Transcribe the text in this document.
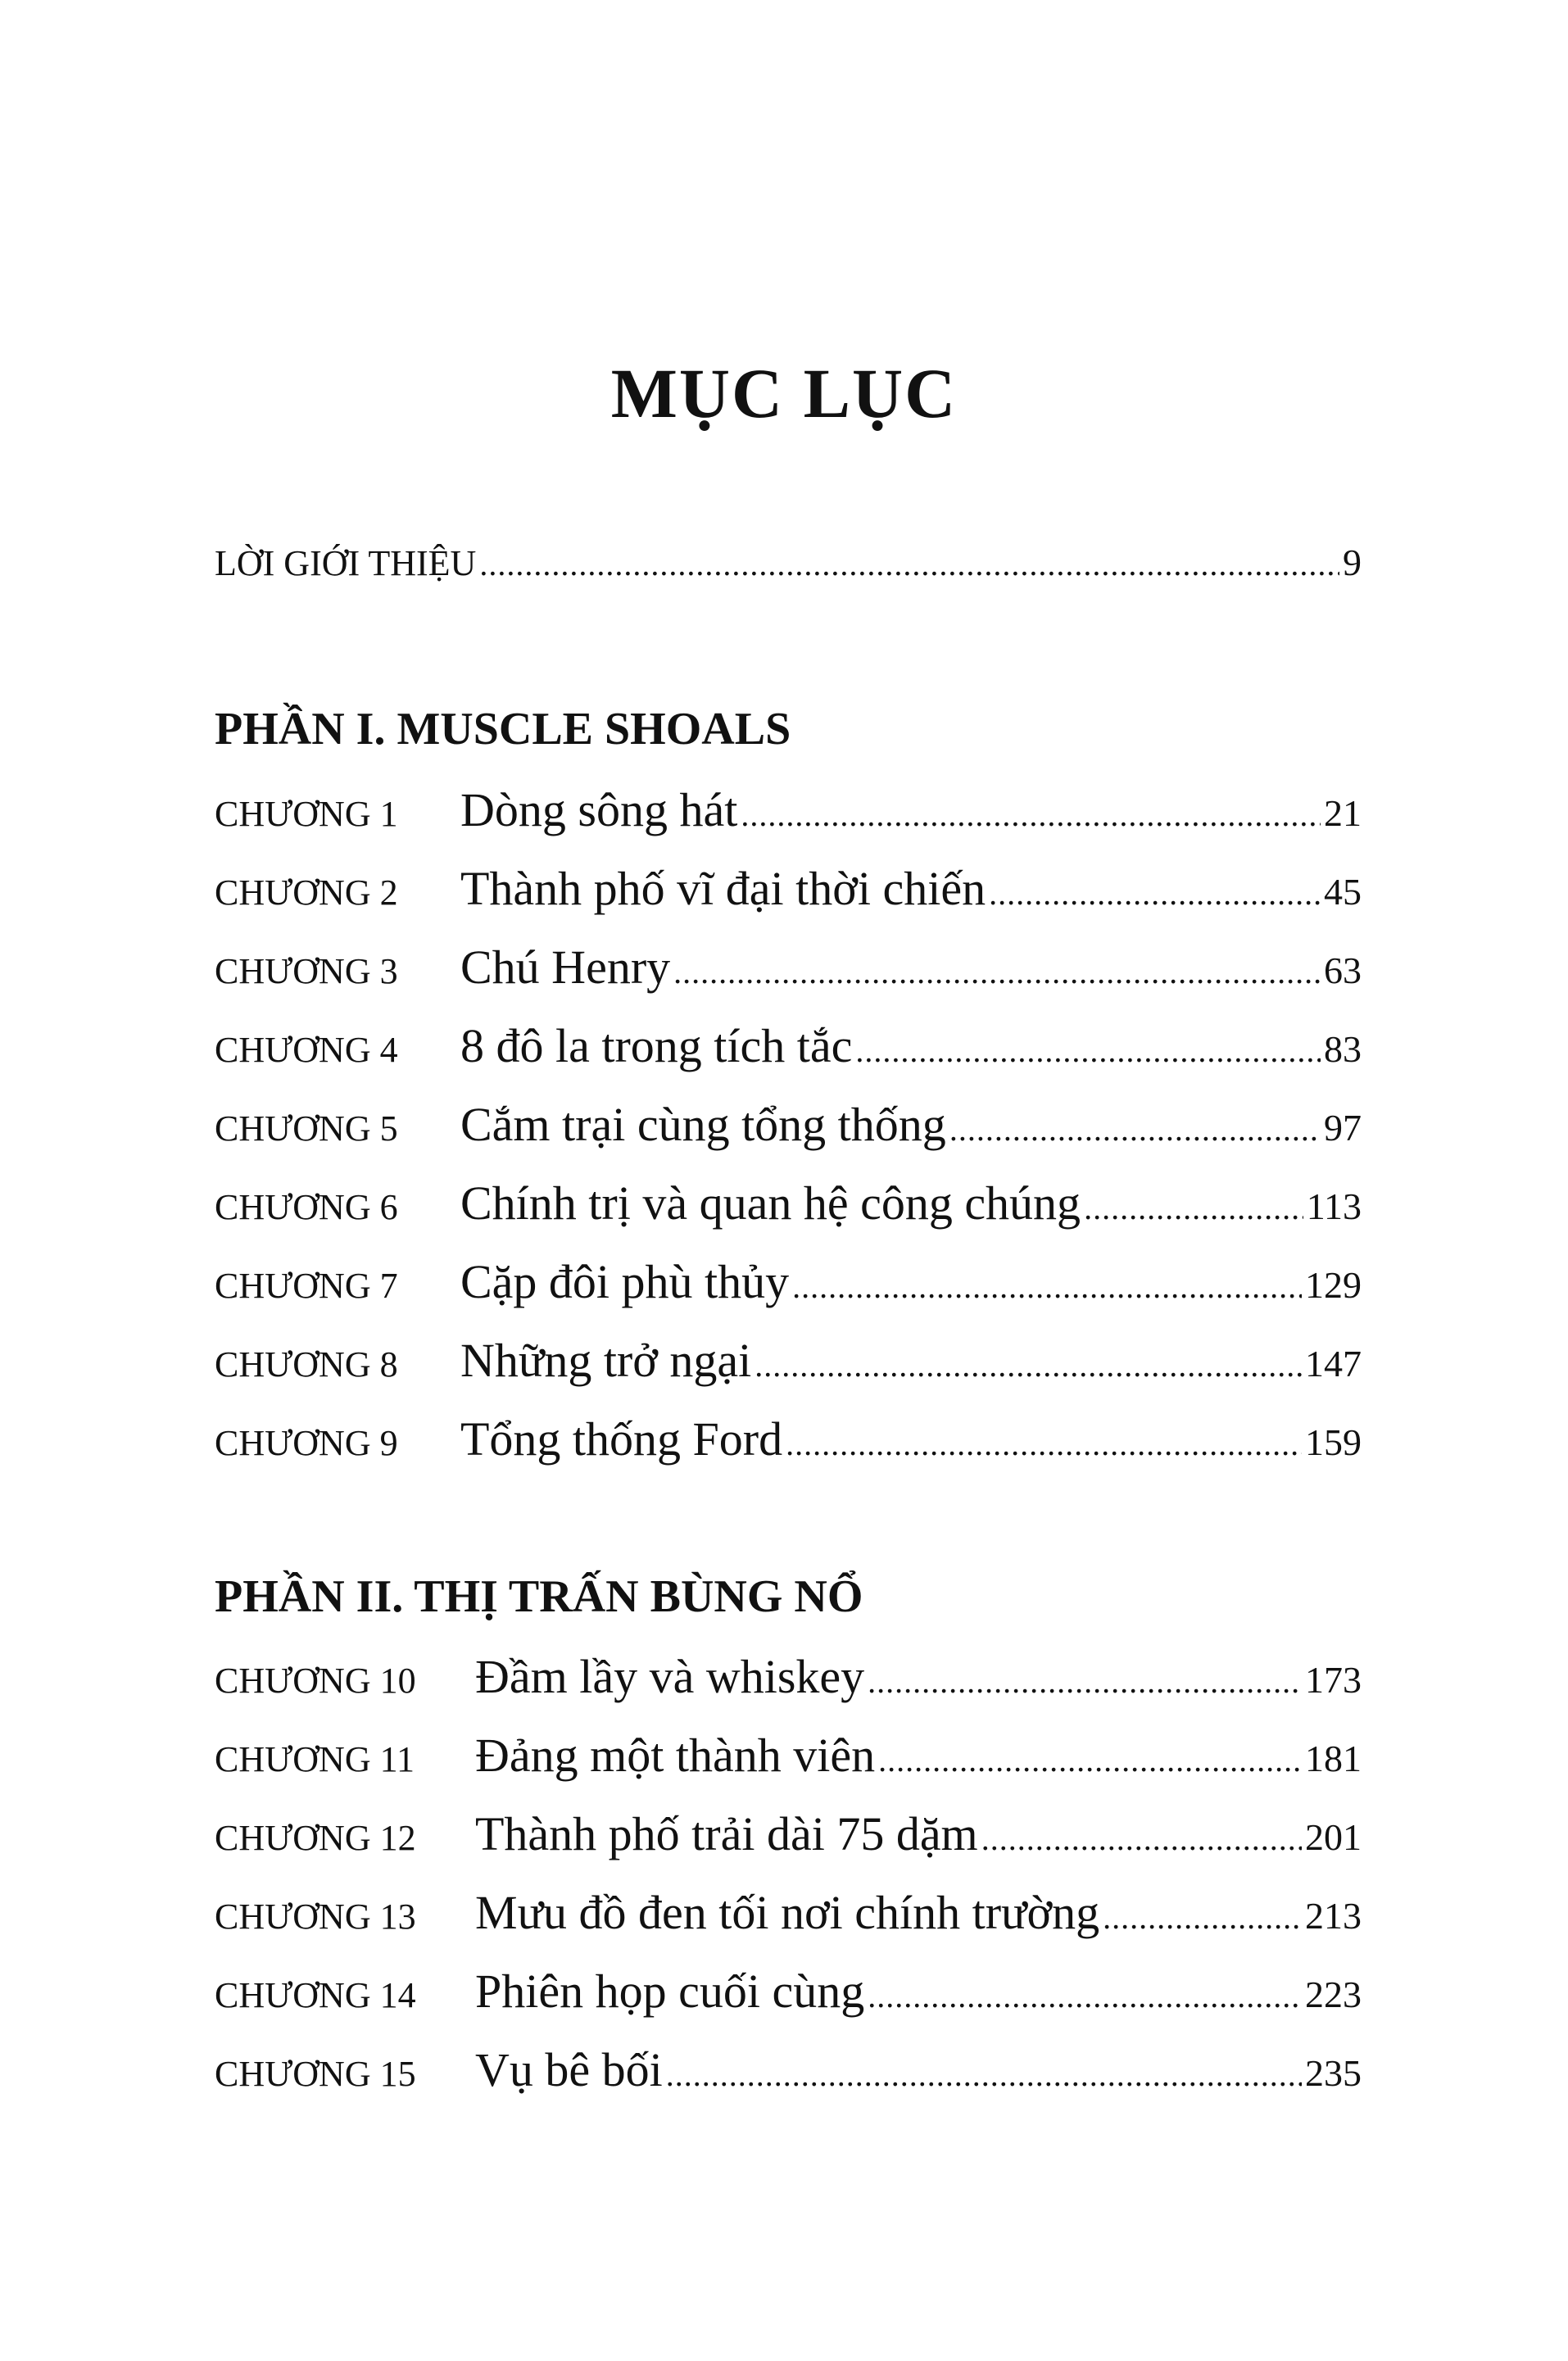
MỤC LỤC
LỜI GIỚI THIỆU .....	9
PHẦN I. MUSCLE SHOALS
CHƯƠNG 1	Dòng sông hát .....	21
CHƯƠNG 2	Thành phố vĩ đại thời chiến .....	45
CHƯƠNG 3	Chú Henry .....	63
CHƯƠNG 4	8 đô la trong tích tắc .....	83
CHƯƠNG 5	Cắm trại cùng tổng thống .....	97
CHƯƠNG 6	Chính trị và quan hệ công chúng .....	113
CHƯƠNG 7	Cặp đôi phù thủy .....	129
CHƯƠNG 8	Những trở ngại .....	147
CHƯƠNG 9	Tổng thống Ford .....	159
PHẦN II. THỊ TRẤN BÙNG NỔ
CHƯƠNG 10	Đầm lầy và whiskey .....	173
CHƯƠNG 11	Đảng một thành viên .....	181
CHƯƠNG 12	Thành phố trải dài 75 dặm .....	201
CHƯƠNG 13	Mưu đồ đen tối nơi chính trường .....	213
CHƯƠNG 14	Phiên họp cuối cùng .....	223
CHƯƠNG 15	Vụ bê bối .....	235
